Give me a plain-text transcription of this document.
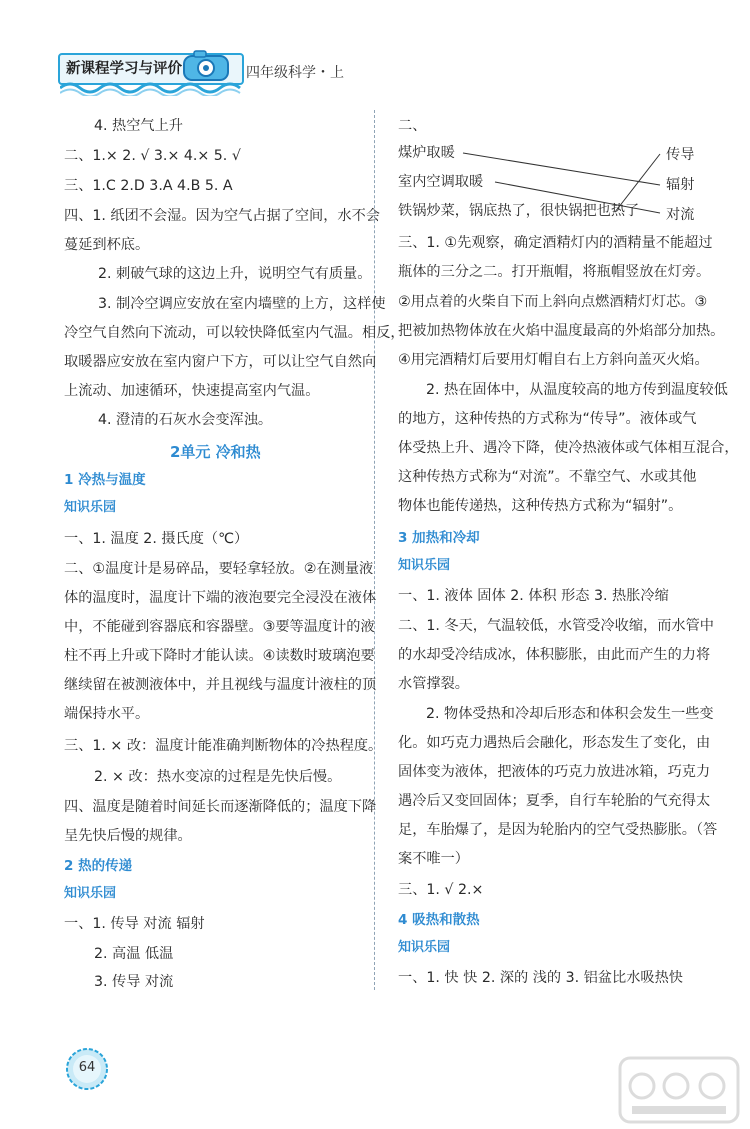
新课程学习与评价	四年级科学・上
4. 热空气上升
二、1.× 2. √ 3.× 4.× 5. √
三、1.C 2.D 3.A 4.B 5. A
四、1. 纸团不会湿。因为空气占据了空间，水不会
蔓延到杯底。
2. 刺破气球的这边上升，说明空气有质量。
3. 制冷空调应安放在室内墙壁的上方，这样使
冷空气自然向下流动，可以较快降低室内气温。相反，
取暖器应安放在室内窗户下方，可以让空气自然向
上流动、加速循环，快速提高室内气温。
4. 澄清的石灰水会变浑浊。
2单元 冷和热
1 冷热与温度
知识乐园
一、1. 温度 2. 摄氏度（℃）
二、①温度计是易碎品，要轻拿轻放。②在测量液
体的温度时，温度计下端的液泡要完全浸没在液体
中，不能碰到容器底和容器壁。③要等温度计的液
柱不再上升或下降时才能认读。④读数时玻璃泡要
继续留在被测液体中，并且视线与温度计液柱的顶
端保持水平。
三、1. × 改：温度计能准确判断物体的冷热程度。
2. × 改：热水变凉的过程是先快后慢。
四、温度是随着时间延长而逐渐降低的；温度下降
呈先快后慢的规律。
2 热的传递
知识乐园
一、1. 传导 对流 辐射
2. 高温 低温
3. 传导 对流
二、
煤炉取暖
室内空调取暖
铁锅炒菜，锅底热了，很快锅把也热了
传导
辐射
对流
三、1. ①先观察，确定酒精灯内的酒精量不能超过
瓶体的三分之二。打开瓶帽，将瓶帽竖放在灯旁。
②用点着的火柴自下而上斜向点燃酒精灯灯芯。③
把被加热物体放在火焰中温度最高的外焰部分加热。
④用完酒精灯后要用灯帽自右上方斜向盖灭火焰。
2. 热在固体中，从温度较高的地方传到温度较低
的地方，这种传热的方式称为“传导”。液体或气
体受热上升、遇冷下降，使冷热液体或气体相互混合，
这种传热方式称为“对流”。不靠空气、水或其他
物体也能传递热，这种传热方式称为“辐射”。
3 加热和冷却
知识乐园
一、1. 液体 固体 2. 体积 形态 3. 热胀冷缩
二、1. 冬天，气温较低，水管受冷收缩，而水管中
的水却受冷结成冰，体积膨胀，由此而产生的力将
水管撑裂。
2. 物体受热和冷却后形态和体积会发生一些变
化。如巧克力遇热后会融化，形态发生了变化，由
固体变为液体，把液体的巧克力放进冰箱，巧克力
遇冷后又变回固体；夏季，自行车轮胎的气充得太
足，车胎爆了，是因为轮胎内的空气受热膨胀。（答
案不唯一）
三、1. √ 2.×
4 吸热和散热
知识乐园
一、1. 快 快 2. 深的 浅的 3. 铝盆比水吸热快
64
